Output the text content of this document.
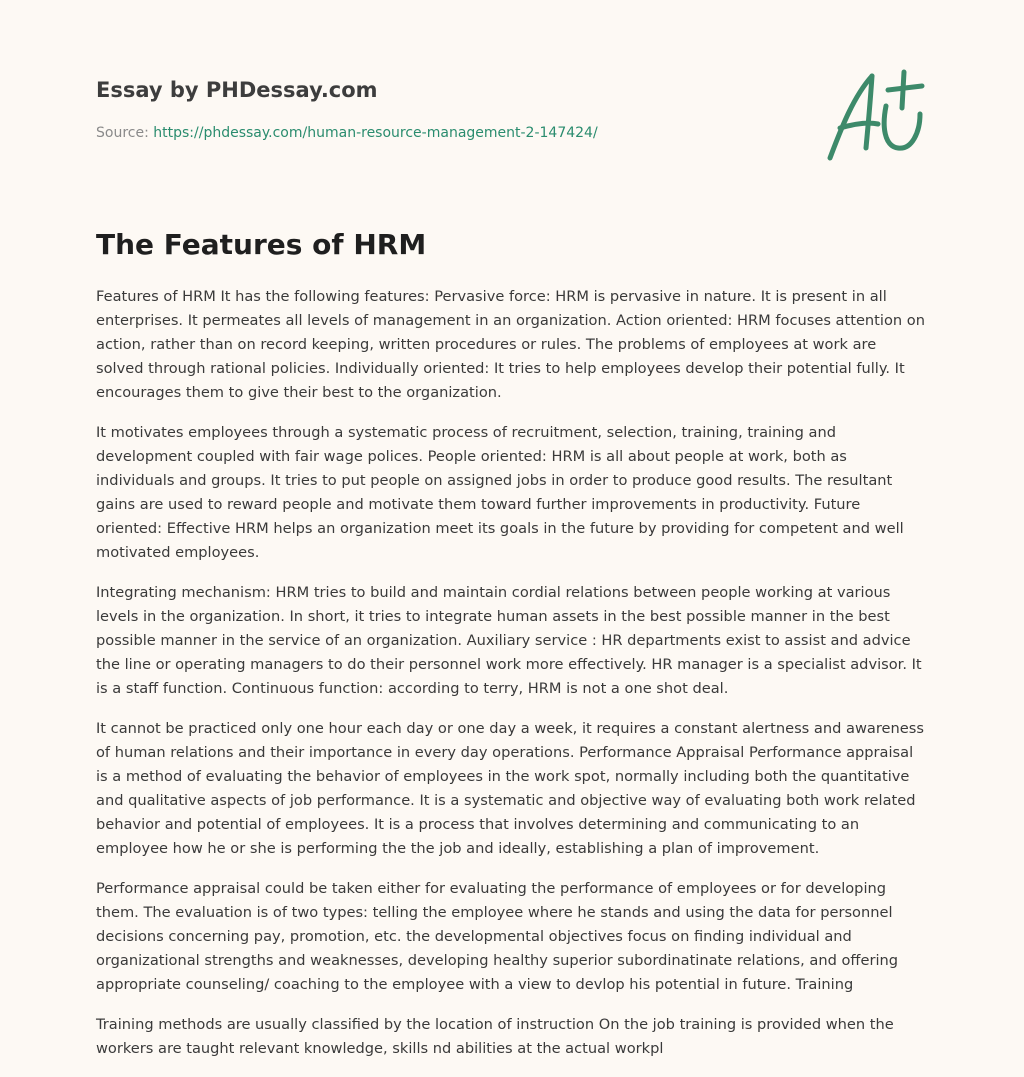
Essay by PHDessay.com
Source: https://phdessay.com/human-resource-management-2-147424/
The Features of HRM

Features of HRM It has the following features: Pervasive force: HRM is pervasive in nature. It is present in all enterprises. It permeates all levels of management in an organization. Action oriented: HRM focuses attention on action, rather than on record keeping, written procedures or rules. The problems of employees at work are solved through rational policies. Individually oriented: It tries to help employees develop their potential fully. It encourages them to give their best to the organization.

It motivates employees through a systematic process of recruitment, selection, training, training and development coupled with fair wage polices. People oriented: HRM is all about people at work, both as individuals and groups. It tries to put people on assigned jobs in order to produce good results. The resultant gains are used to reward people and motivate them toward further improvements in productivity. Future oriented: Effective HRM helps an organization meet its goals in the future by providing for competent and well motivated employees.

Integrating mechanism: HRM tries to build and maintain cordial relations between people working at various levels in the organization. In short, it tries to integrate human assets in the best possible manner in the best possible manner in the service of an organization. Auxiliary service : HR departments exist to assist and advice the line or operating managers to do their personnel work more effectively. HR manager is a specialist advisor. It is a staff function. Continuous function: according to terry, HRM is not a one shot deal.

It cannot be practiced only one hour each day or one day a week, it requires a constant alertness and awareness of human relations and their importance in every day operations. Performance Appraisal Performance appraisal is a method of evaluating the behavior of employees in the work spot, normally including both the quantitative and qualitative aspects of job performance. It is a systematic and objective way of evaluating both work related behavior and potential of employees. It is a process that involves determining and communicating to an employee how he or she is performing the the job and ideally, establishing a plan of improvement.

Performance appraisal could be taken either for evaluating the performance of employees or for developing them. The evaluation is of two types: telling the employee where he stands and using the data for personnel decisions concerning pay, promotion, etc. the developmental objectives focus on finding individual and organizational strengths and weaknesses, developing healthy superior subordinatinate relations, and offering appropriate counseling/ coaching to the employee with a view to devlop his potential in future. Training

Training methods are usually classified by the location of instruction On the job training is provided when the workers are taught relevant knowledge, skills nd abilities at the actual workpl
